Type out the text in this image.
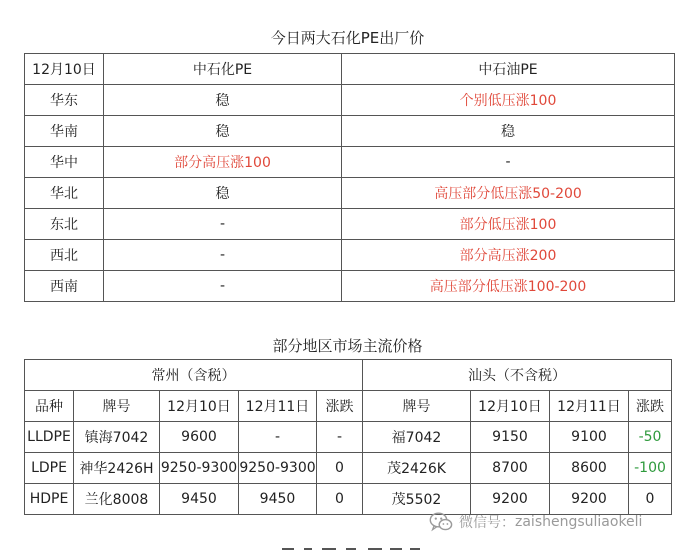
今日两大石化PE出厂价
12月10日	中石化PE	中石油PE
华东	稳	个别低压涨100
华南	稳	稳
华中	部分高压涨100	-
华北	稳	高压部分低压涨50-200
东北	-	部分低压涨100
西北	-	部分高压涨200
西南	-	高压部分低压涨100-200
部分地区市场主流价格
常州（含税）					汕头（不含税）			
品种	牌号	12月10日	12月11日	涨跌	牌号	12月10日	12月11日	涨跌
LLDPE	镇海7042	9600	-	-	福7042	9150	9100	-50
LDPE	神华2426H	9250-9300	9250-9300	0	茂2426K	8700	8600	-100
HDPE	兰化8008	9450	9450	0	茂5502	9200	9200	0
微信号： zaishengsuliaokeli
